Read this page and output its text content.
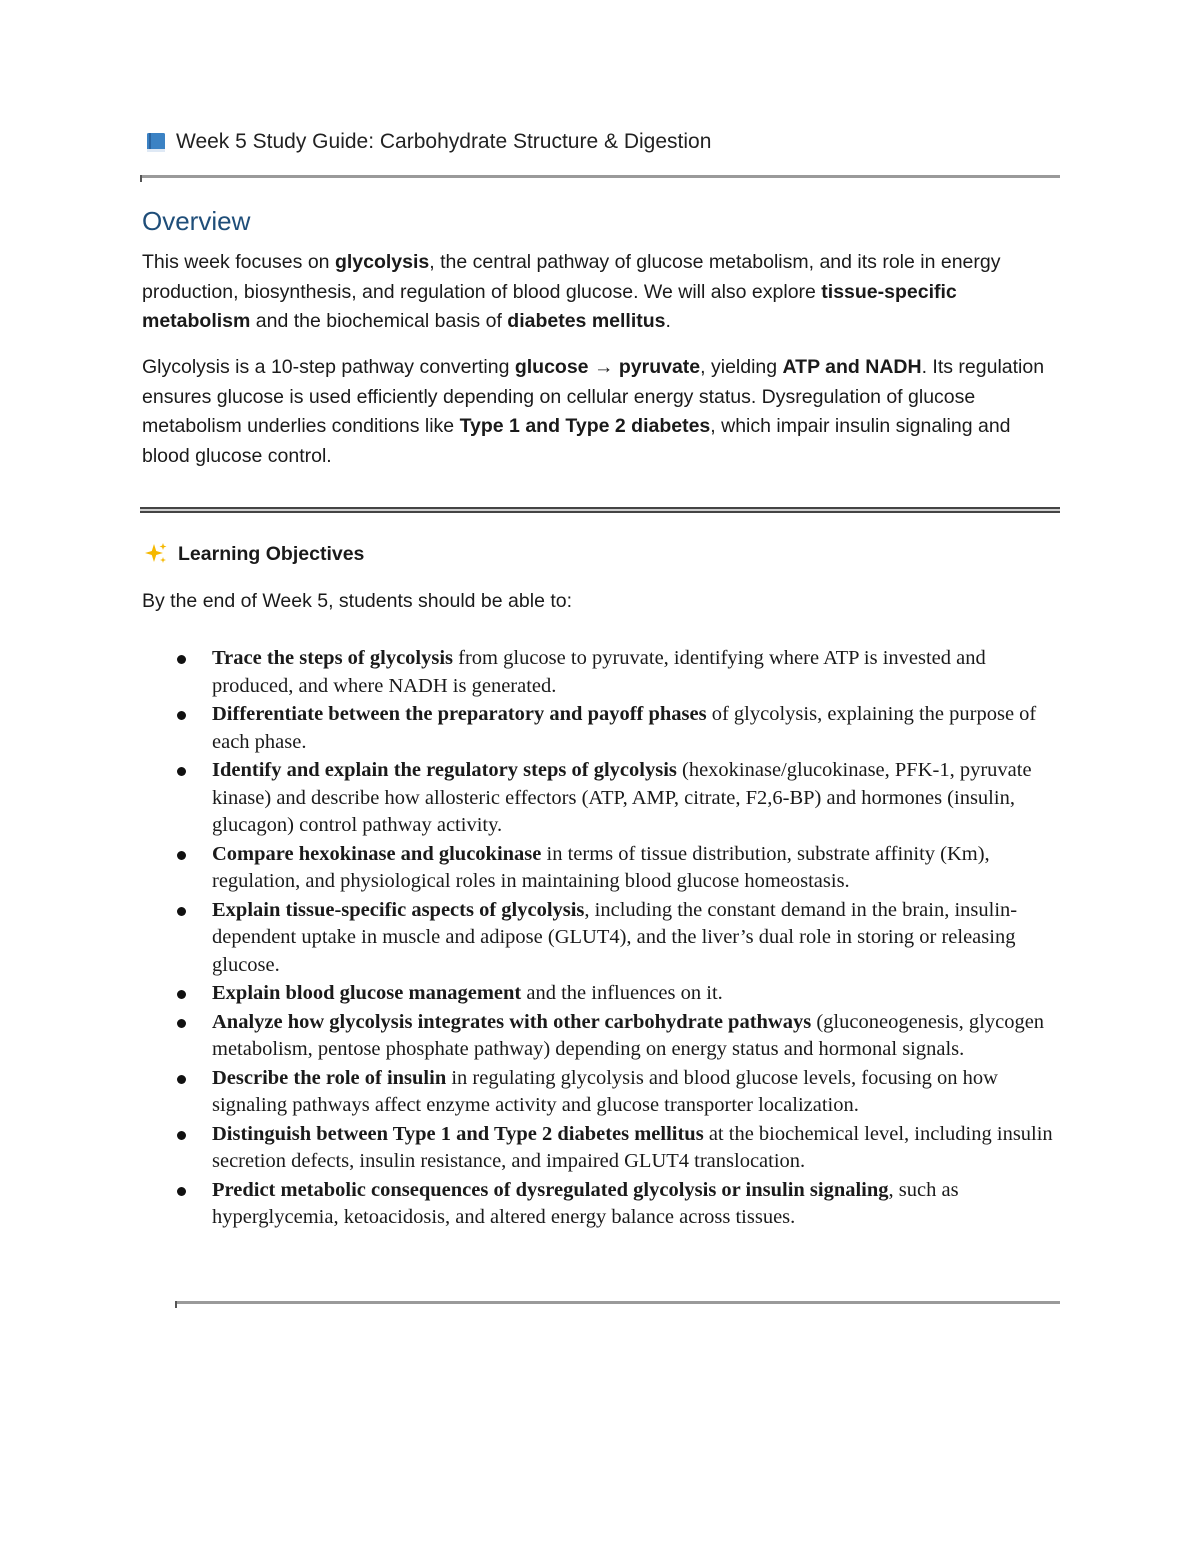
Week 5 Study Guide: Carbohydrate Structure & Digestion
Overview

This week focuses on glycolysis, the central pathway of glucose metabolism, and its role in energy production, biosynthesis, and regulation of blood glucose. We will also explore tissue-specific metabolism and the biochemical basis of diabetes mellitus.

Glycolysis is a 10-step pathway converting glucose → pyruvate, yielding ATP and NADH. Its regulation ensures glucose is used efficiently depending on cellular energy status. Dysregulation of glucose metabolism underlies conditions like Type 1 and Type 2 diabetes, which impair insulin signaling and blood glucose control.

Learning Objectives

By the end of Week 5, students should be able to:

Trace the steps of glycolysis from glucose to pyruvate, identifying where ATP is invested and produced, and where NADH is generated.
Differentiate between the preparatory and payoff phases of glycolysis, explaining the purpose of each phase.
Identify and explain the regulatory steps of glycolysis (hexokinase/glucokinase, PFK-1, pyruvate kinase) and describe how allosteric effectors (ATP, AMP, citrate, F2,6-BP) and hormones (insulin, glucagon) control pathway activity.
Compare hexokinase and glucokinase in terms of tissue distribution, substrate affinity (Km), regulation, and physiological roles in maintaining blood glucose homeostasis.
Explain tissue-specific aspects of glycolysis, including the constant demand in the brain, insulin-dependent uptake in muscle and adipose (GLUT4), and the liver’s dual role in storing or releasing glucose.
Explain blood glucose management and the influences on it.
Analyze how glycolysis integrates with other carbohydrate pathways (gluconeogenesis, glycogen metabolism, pentose phosphate pathway) depending on energy status and hormonal signals.
Describe the role of insulin in regulating glycolysis and blood glucose levels, focusing on how signaling pathways affect enzyme activity and glucose transporter localization.
Distinguish between Type 1 and Type 2 diabetes mellitus at the biochemical level, including insulin secretion defects, insulin resistance, and impaired GLUT4 translocation.
Predict metabolic consequences of dysregulated glycolysis or insulin signaling, such as hyperglycemia, ketoacidosis, and altered energy balance across tissues.
